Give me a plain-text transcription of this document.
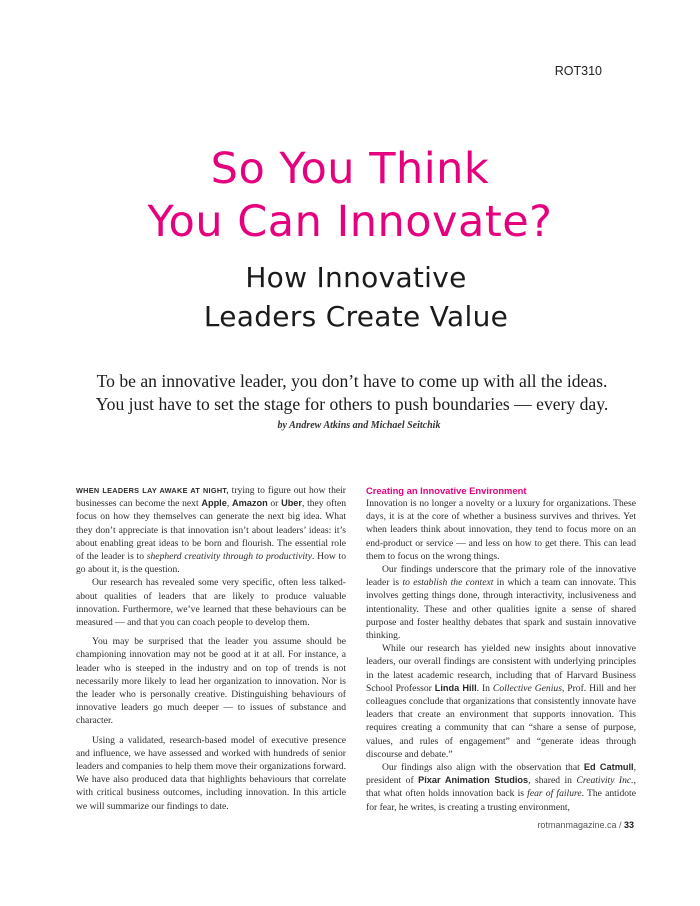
ROT310
So You Think
You Can Innovate?
How Innovative
Leaders Create Value
To be an innovative leader, you don’t have to come up with all the ideas.
You just have to set the stage for others to push boundaries — every day.
by Andrew Atkins and Michael Seitchik

WHEN LEADERS LAY AWAKE AT NIGHT, trying to figure out how their businesses can become the next Apple, Amazon or Uber, they often focus on how they themselves can generate the next big idea. What they don’t appreciate is that innovation isn’t about leaders’ ideas: it’s about enabling great ideas to be born and flourish. The essential role of the leader is to shepherd creativity through to productivity. How to go about it, is the question.

Our research has revealed some very specific, often less talked-about qualities of leaders that are likely to produce valuable innovation. Furthermore, we’ve learned that these behaviours can be measured — and that you can coach people to develop them.

You may be surprised that the leader you assume should be championing innovation may not be good at it at all. For instance, a leader who is steeped in the industry and on top of trends is not necessarily more likely to lead her organization to innovation. Nor is the leader who is personally creative. Distinguishing behaviours of innovative leaders go much deeper — to issues of substance and character.

Using a validated, research-based model of executive presence and influence, we have assessed and worked with hundreds of senior leaders and companies to help them move their organizations forward. We have also produced data that highlights behaviours that correlate with critical business outcomes, including innovation. In this article we will summarize our findings to date.

Creating an Innovative Environment

Innovation is no longer a novelty or a luxury for organizations. These days, it is at the core of whether a business survives and thrives. Yet when leaders think about innovation, they tend to focus more on an end-product or service — and less on how to get there. This can lead them to focus on the wrong things.

Our findings underscore that the primary role of the innovative leader is to establish the context in which a team can innovate. This involves getting things done, through interactivity, inclusiveness and intentionality. These and other qualities ignite a sense of shared purpose and foster healthy debates that spark and sustain innovative thinking.

While our research has yielded new insights about innovative leaders, our overall findings are consistent with underlying principles in the latest academic research, including that of Harvard Business School Professor Linda Hill. In Collective Genius, Prof. Hill and her colleagues conclude that organizations that consistently innovate have leaders that create an environment that supports innovation. This requires creating a community that can “share a sense of purpose, values, and rules of engagement” and “generate ideas through discourse and debate.”

Our findings also align with the observation that Ed Catmull, president of Pixar Animation Studios, shared in Creativity Inc., that what often holds innovation back is fear of failure. The antidote for fear, he writes, is creating a trusting environment,

rotmanmagazine.ca / 33
